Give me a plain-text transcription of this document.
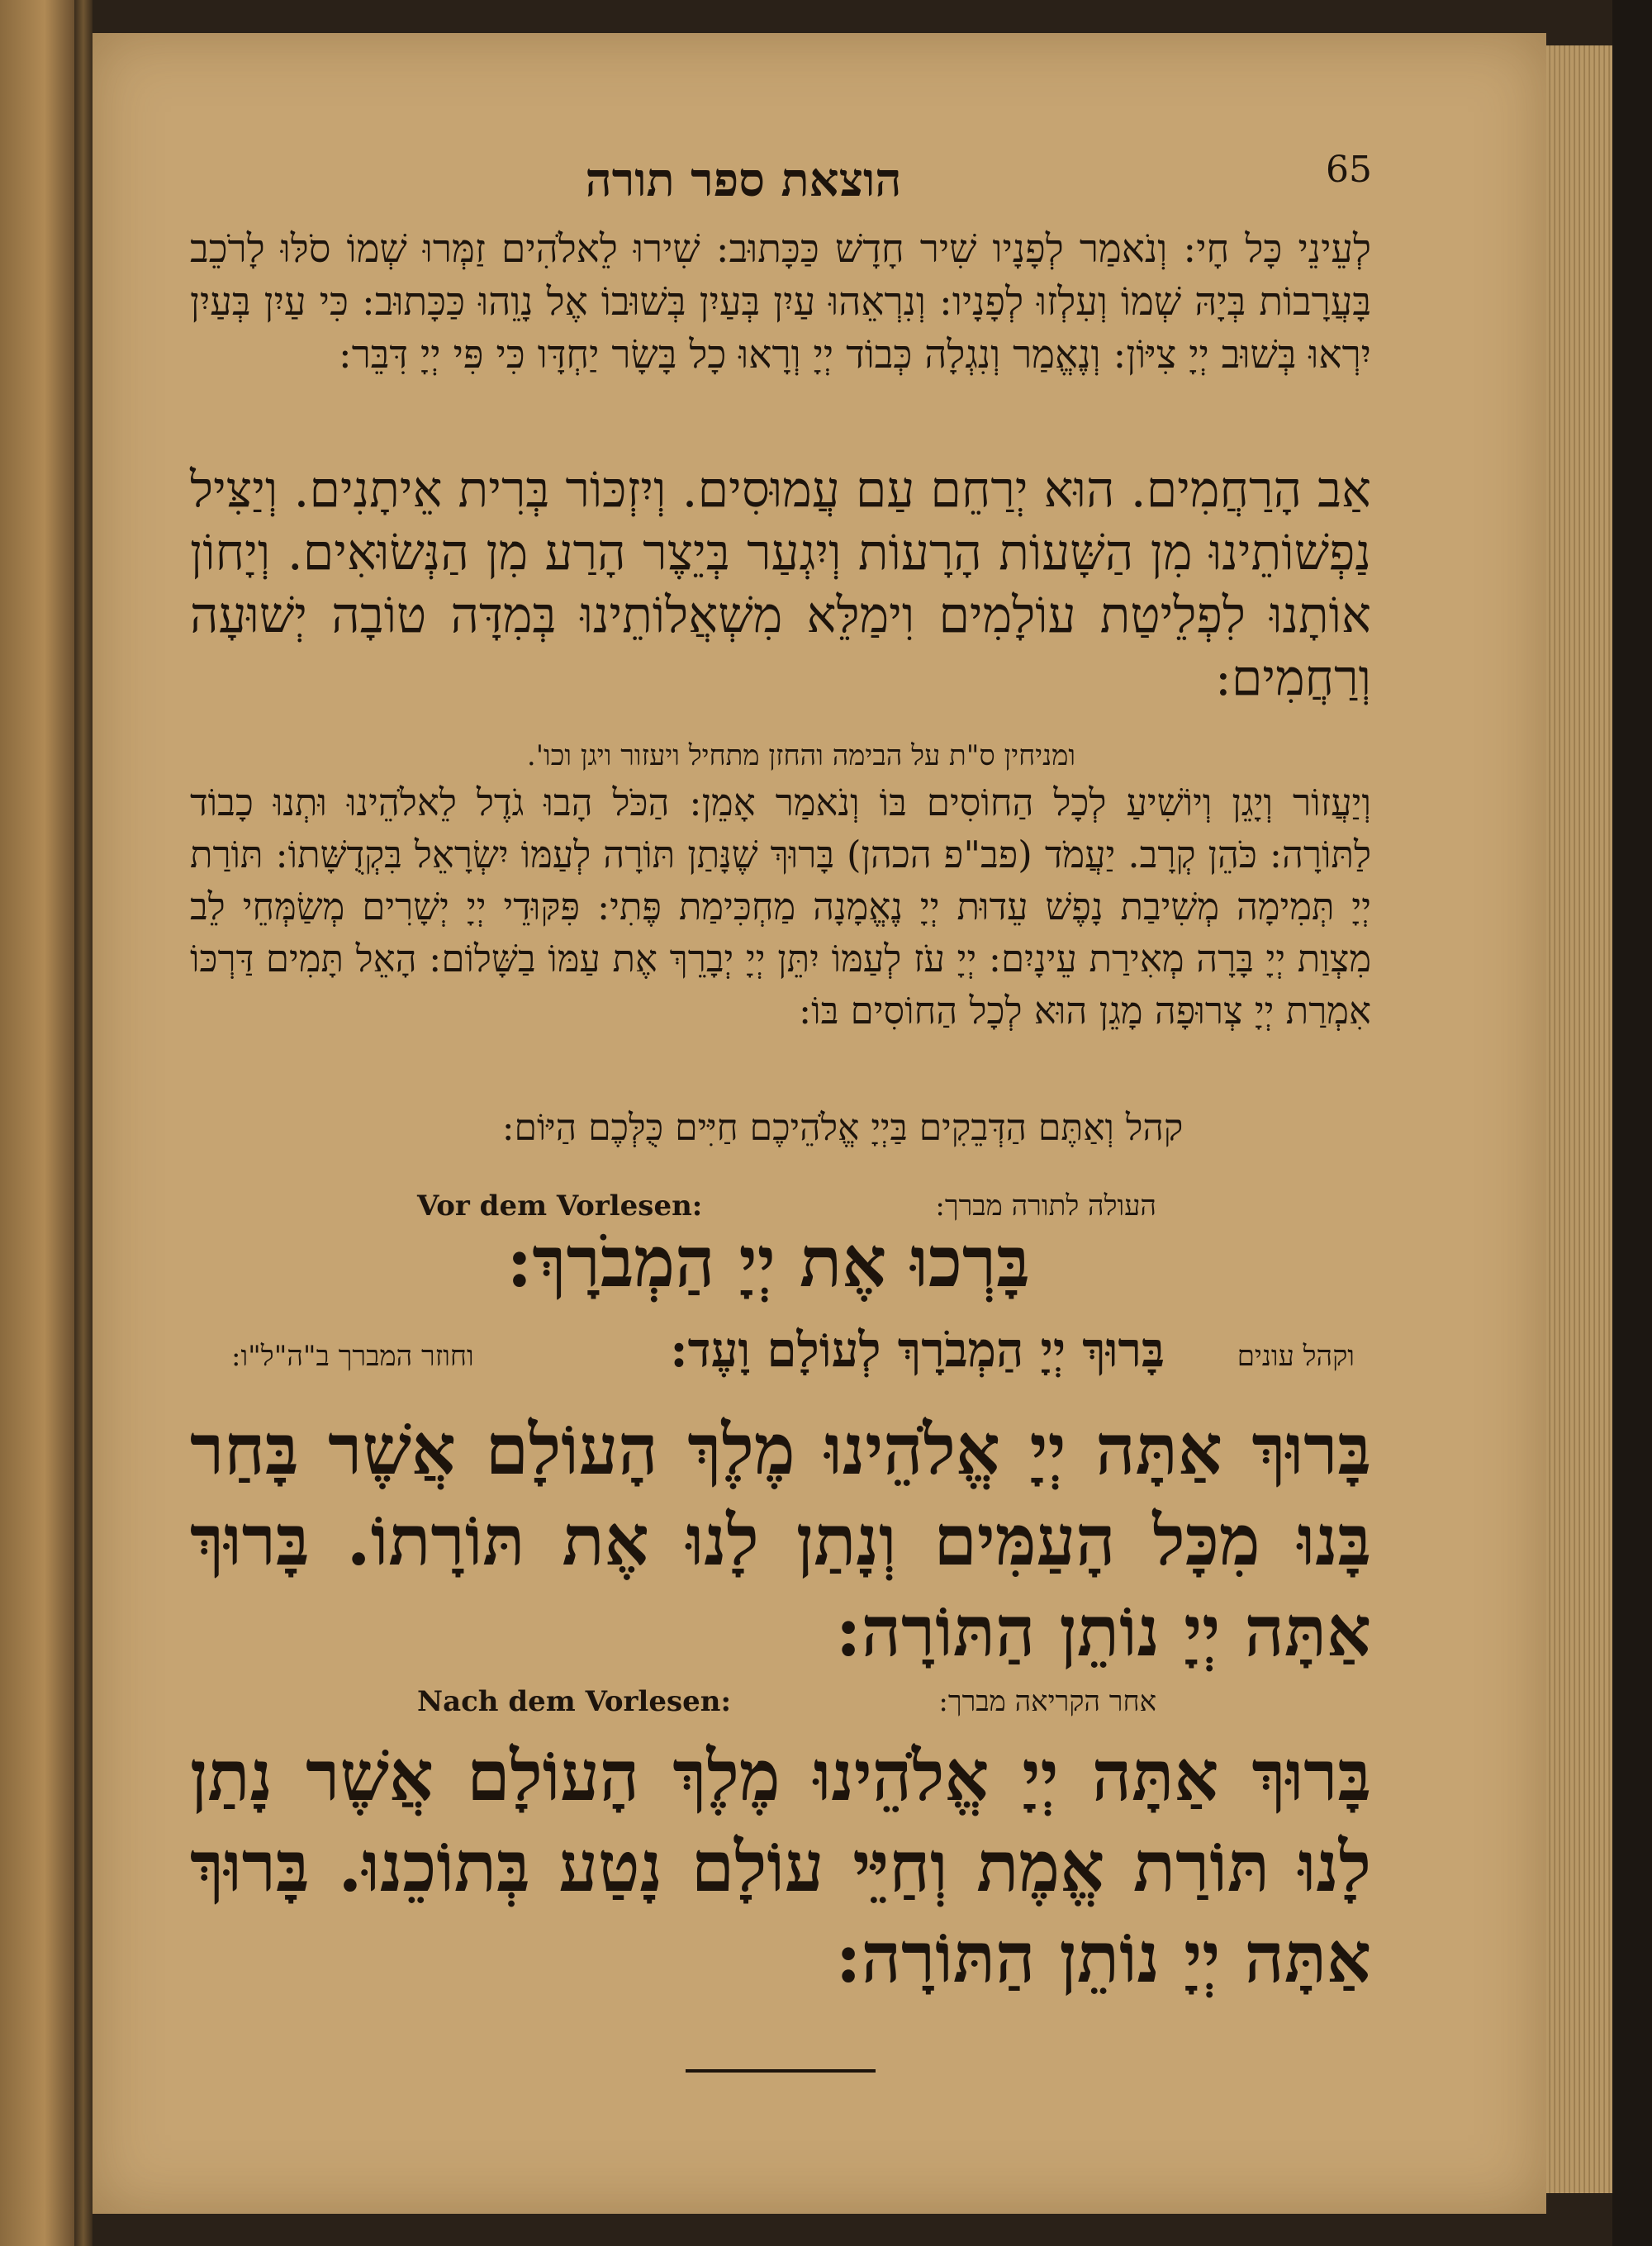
הוצאת ספר תורה	65
לְעֵינֵי כָּל חָי: וְנֹאמַר לְפָנָיו שִׁיר חָדָשׁ כַּכָּתוּב: שִׁירוּ לֵאלֹהִים זַמְּרוּ שְׁמוֹ סֹלּוּ לָרֹכֵב בָּעֲרָבוֹת בְּיָהּ שְׁמוֹ וְעִלְזוּ לְפָנָיו: וְנִרְאֵהוּ עַיִן בְּעַיִן בְּשׁוּבוֹ אֶל נָוֵהוּ כַּכָּתוּב: כִּי עַיִן בְּעַיִן יִרְאוּ בְּשׁוּב יְיָ צִיּוֹן: וְנֶאֱמַר וְנִגְלָה כְּבוֹד יְיָ וְרָאוּ כָל בָּשָׂר יַחְדָּו כִּי פִּי יְיָ דִּבֵּר:
אַב הָרַחֲמִים. הוּא יְרַחֵם עַם עֲמוּסִים. וְיִזְכּוֹר בְּרִית אֵיתָנִים. וְיַצִּיל נַפְשׁוֹתֵינוּ מִן הַשָּׁעוֹת הָרָעוֹת וְיִגְעַר בְּיֵצֶר הָרַע מִן הַנְּשׂוּאִים. וְיָחוֹן אוֹתָנוּ לִפְלֵיטַת עוֹלָמִים וִימַלֵּא מִשְׁאֲלוֹתֵינוּ בְּמִדָּה טוֹבָה יְשׁוּעָה וְרַחֲמִים:
ומניחין ס"ת על הבימה והחזן מתחיל ויעזור ויגן וכו'.
וְיַעֲזוֹר וְיָגֵן וְיוֹשִׁיעַ לְכָל הַחוֹסִים בּוֹ וְנֹאמַר אָמֵן: הַכֹּל הָבוּ גֹדֶל לֵאלֹהֵינוּ וּתְנוּ כָבוֹד לַתּוֹרָה: כֹּהֵן קְרָב. יַעֲמֹד (פב"פ הכהן) בָּרוּךְ שֶׁנָּתַן תּוֹרָה לְעַמּוֹ יִשְׂרָאֵל בִּקְדֻשָּׁתוֹ: תּוֹרַת יְיָ תְּמִימָה מְשִׁיבַת נָפֶשׁ עֵדוּת יְיָ נֶאֱמָנָה מַחְכִּימַת פֶּתִי: פִּקּוּדֵי יְיָ יְשָׁרִים מְשַׂמְּחֵי לֵב מִצְוַת יְיָ בָּרָה מְאִירַת עֵינָיִם: יְיָ עֹז לְעַמּוֹ יִתֵּן יְיָ יְבָרֵךְ אֶת עַמּוֹ בַשָּׁלוֹם: הָאֵל תָּמִים דַּרְכּוֹ אִמְרַת יְיָ צְרוּפָה מָגֵן הוּא לְכָל הַחוֹסִים בּוֹ:
קהל וְאַתֶּם הַדְּבֵקִים בַּיְיָ אֱלֹהֵיכֶם חַיִּים כֻּלְּכֶם הַיּוֹם:
Vor dem Vorlesen:	העולה לתורה מברך:
בָּרְכוּ אֶת יְיָ הַמְבֹרָךְ:
וקהל עונים
בָּרוּךְ יְיָ הַמְבֹרָךְ לְעוֹלָם וָעֶד:
וחוזר המברך ב"ה"ל"ו:
בָּרוּךְ אַתָּה יְיָ אֱלֹהֵינוּ מֶלֶךְ הָעוֹלָם אֲשֶׁר בָּחַר בָּנוּ מִכָּל הָעַמִּים וְנָתַן לָנוּ אֶת תּוֹרָתוֹ. בָּרוּךְ אַתָּה יְיָ נוֹתֵן הַתּוֹרָה:
Nach dem Vorlesen:	אחר הקריאה מברך:
בָּרוּךְ אַתָּה יְיָ אֱלֹהֵינוּ מֶלֶךְ הָעוֹלָם אֲשֶׁר נָתַן לָנוּ תּוֹרַת אֱמֶת וְחַיֵּי עוֹלָם נָטַע בְּתוֹכֵנוּ. בָּרוּךְ אַתָּה יְיָ נוֹתֵן הַתּוֹרָה:
